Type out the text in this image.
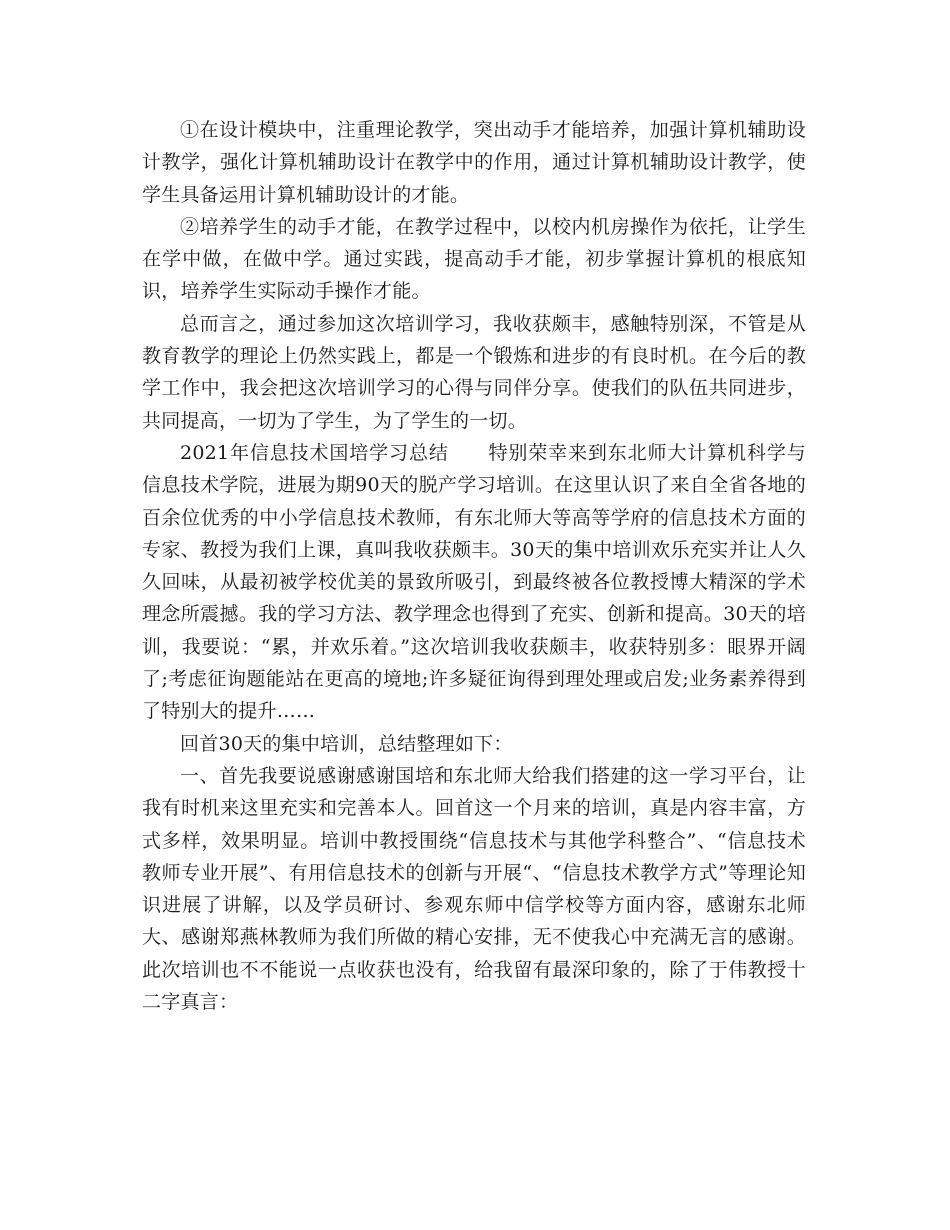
①在设计模块中，注重理论教学，突出动手才能培养，加强计算机辅助设计教学，强化计算机辅助设计在教学中的作用，通过计算机辅助设计教学，使学生具备运用计算机辅助设计的才能。

②培养学生的动手才能，在教学过程中，以校内机房操作为依托，让学生在学中做，在做中学。通过实践，提高动手才能，初步掌握计算机的根底知识，培养学生实际动手操作才能。

总而言之，通过参加这次培训学习，我收获颇丰，感触特别深，不管是从教育教学的理论上仍然实践上，都是一个锻炼和进步的有良时机。在今后的教学工作中，我会把这次培训学习的心得与同伴分享。使我们的队伍共同进步，共同提高，一切为了学生，为了学生的一切。

2021年信息技术国培学习总结　　特别荣幸来到东北师大计算机科学与信息技术学院，进展为期90天的脱产学习培训。在这里认识了来自全省各地的百余位优秀的中小学信息技术教师，有东北师大等高等学府的信息技术方面的专家、教授为我们上课，真叫我收获颇丰。30天的集中培训欢乐充实并让人久久回味，从最初被学校优美的景致所吸引，到最终被各位教授博大精深的学术理念所震撼。我的学习方法、教学理念也得到了充实、创新和提高。30天的培训，我要说：“累，并欢乐着。”这次培训我收获颇丰，收获特别多：眼界开阔了;考虑征询题能站在更高的境地;许多疑征询得到理处理或启发;业务素养得到了特别大的提升……

回首30天的集中培训，总结整理如下：

一、首先我要说感谢感谢国培和东北师大给我们搭建的这一学习平台，让我有时机来这里充实和完善本人。回首这一个月来的培训，真是内容丰富，方式多样，效果明显。培训中教授围绕“信息技术与其他学科整合”、“信息技术教师专业开展”、有用信息技术的创新与开展“、“信息技术教学方式”等理论知识进展了讲解，以及学员研讨、参观东师中信学校等方面内容，感谢东北师大、感谢郑燕林教师为我们所做的精心安排，无不使我心中充满无言的感谢。此次培训也不不能说一点收获也没有，给我留有最深印象的，除了于伟教授十二字真言：
